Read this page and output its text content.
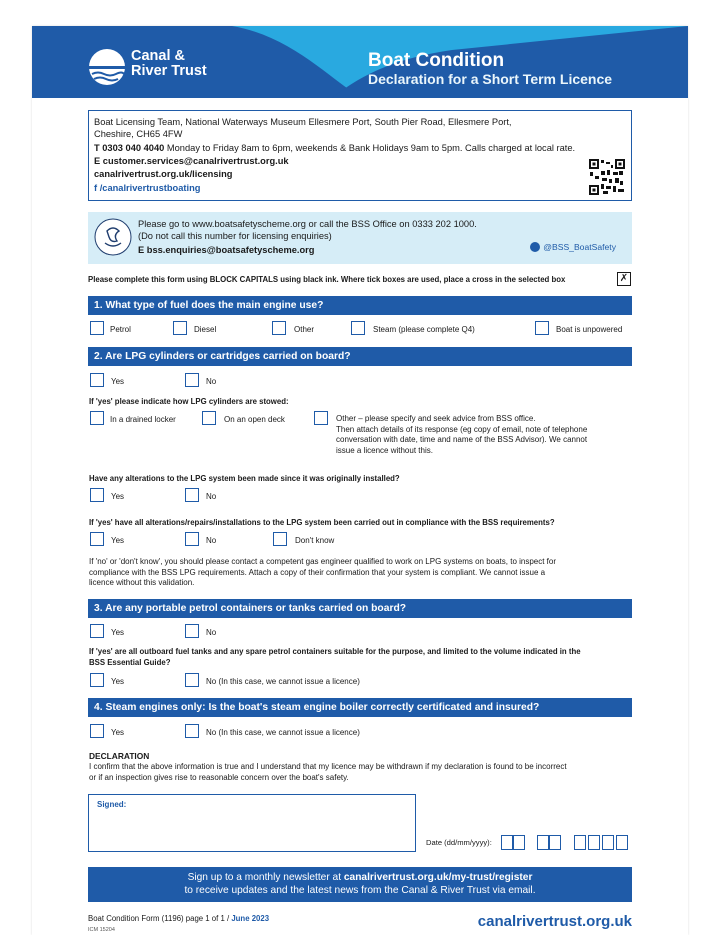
Canal &
River Trust	Boat Condition
Declaration for a Short Term Licence
Boat Licensing Team, National Waterways Museum Ellesmere Port, South Pier Road, Ellesmere Port,
Cheshire, CH65 4FW
T 0303 040 4040 Monday to Friday 8am to 6pm, weekends & Bank Holidays 9am to 5pm. Calls charged at local rate.
E customer.services@canalrivertrust.org.uk
canalrivertrust.org.uk/licensing
f /canalrivertrustboating
Please go to www.boatsafetyscheme.org or call the BSS Office on 0333 202 1000.
(Do not call this number for licensing enquiries)
E bss.enquiries@boatsafetyscheme.org	@BSS_BoatSafety
Please complete this form using BLOCK CAPITALS using black ink. Where tick boxes are used, place a cross in the selected box	✗
1. What type of fuel does the main engine use?
Petrol	Diesel	Other	Steam (please complete Q4)	Boat is unpowered
2. Are LPG cylinders or cartridges carried on board?
Yes	No
If 'yes' please indicate how LPG cylinders are stowed:
In a drained locker	On an open deck	Other – please specify and seek advice from BSS office.
Then attach details of its response (eg copy of email, note of telephone
conversation with date, time and name of the BSS Advisor). We cannot
issue a licence without this.
Have any alterations to the LPG system been made since it was originally installed?
Yes	No
If 'yes' have all alterations/repairs/installations to the LPG system been carried out in compliance with the BSS requirements?
Yes	No	Don't know
If 'no' or 'don't know', you should please contact a competent gas engineer qualified to work on LPG systems on boats, to inspect for
compliance with the BSS LPG requirements. Attach a copy of their confirmation that your system is compliant. We cannot issue a
licence without this validation.
3. Are any portable petrol containers or tanks carried on board?
Yes	No
If 'yes' are all outboard fuel tanks and any spare petrol containers suitable for the purpose, and limited to the volume indicated in the
BSS Essential Guide?
Yes	No (In this case, we cannot issue a licence)
4. Steam engines only: Is the boat's steam engine boiler correctly certificated and insured?
Yes	No (In this case, we cannot issue a licence)
DECLARATION
I confirm that the above information is true and I understand that my licence may be withdrawn if my declaration is found to be incorrect
or if an inspection gives rise to reasonable concern over the boat's safety.
Signed:
Date (dd/mm/yyyy):
Sign up to a monthly newsletter at canalrivertrust.org.uk/my-trust/register
to receive updates and the latest news from the Canal & River Trust via email.
Boat Condition Form (1196) page 1 of 1 / June 2023
ICM 15204	canalrivertrust.org.uk
